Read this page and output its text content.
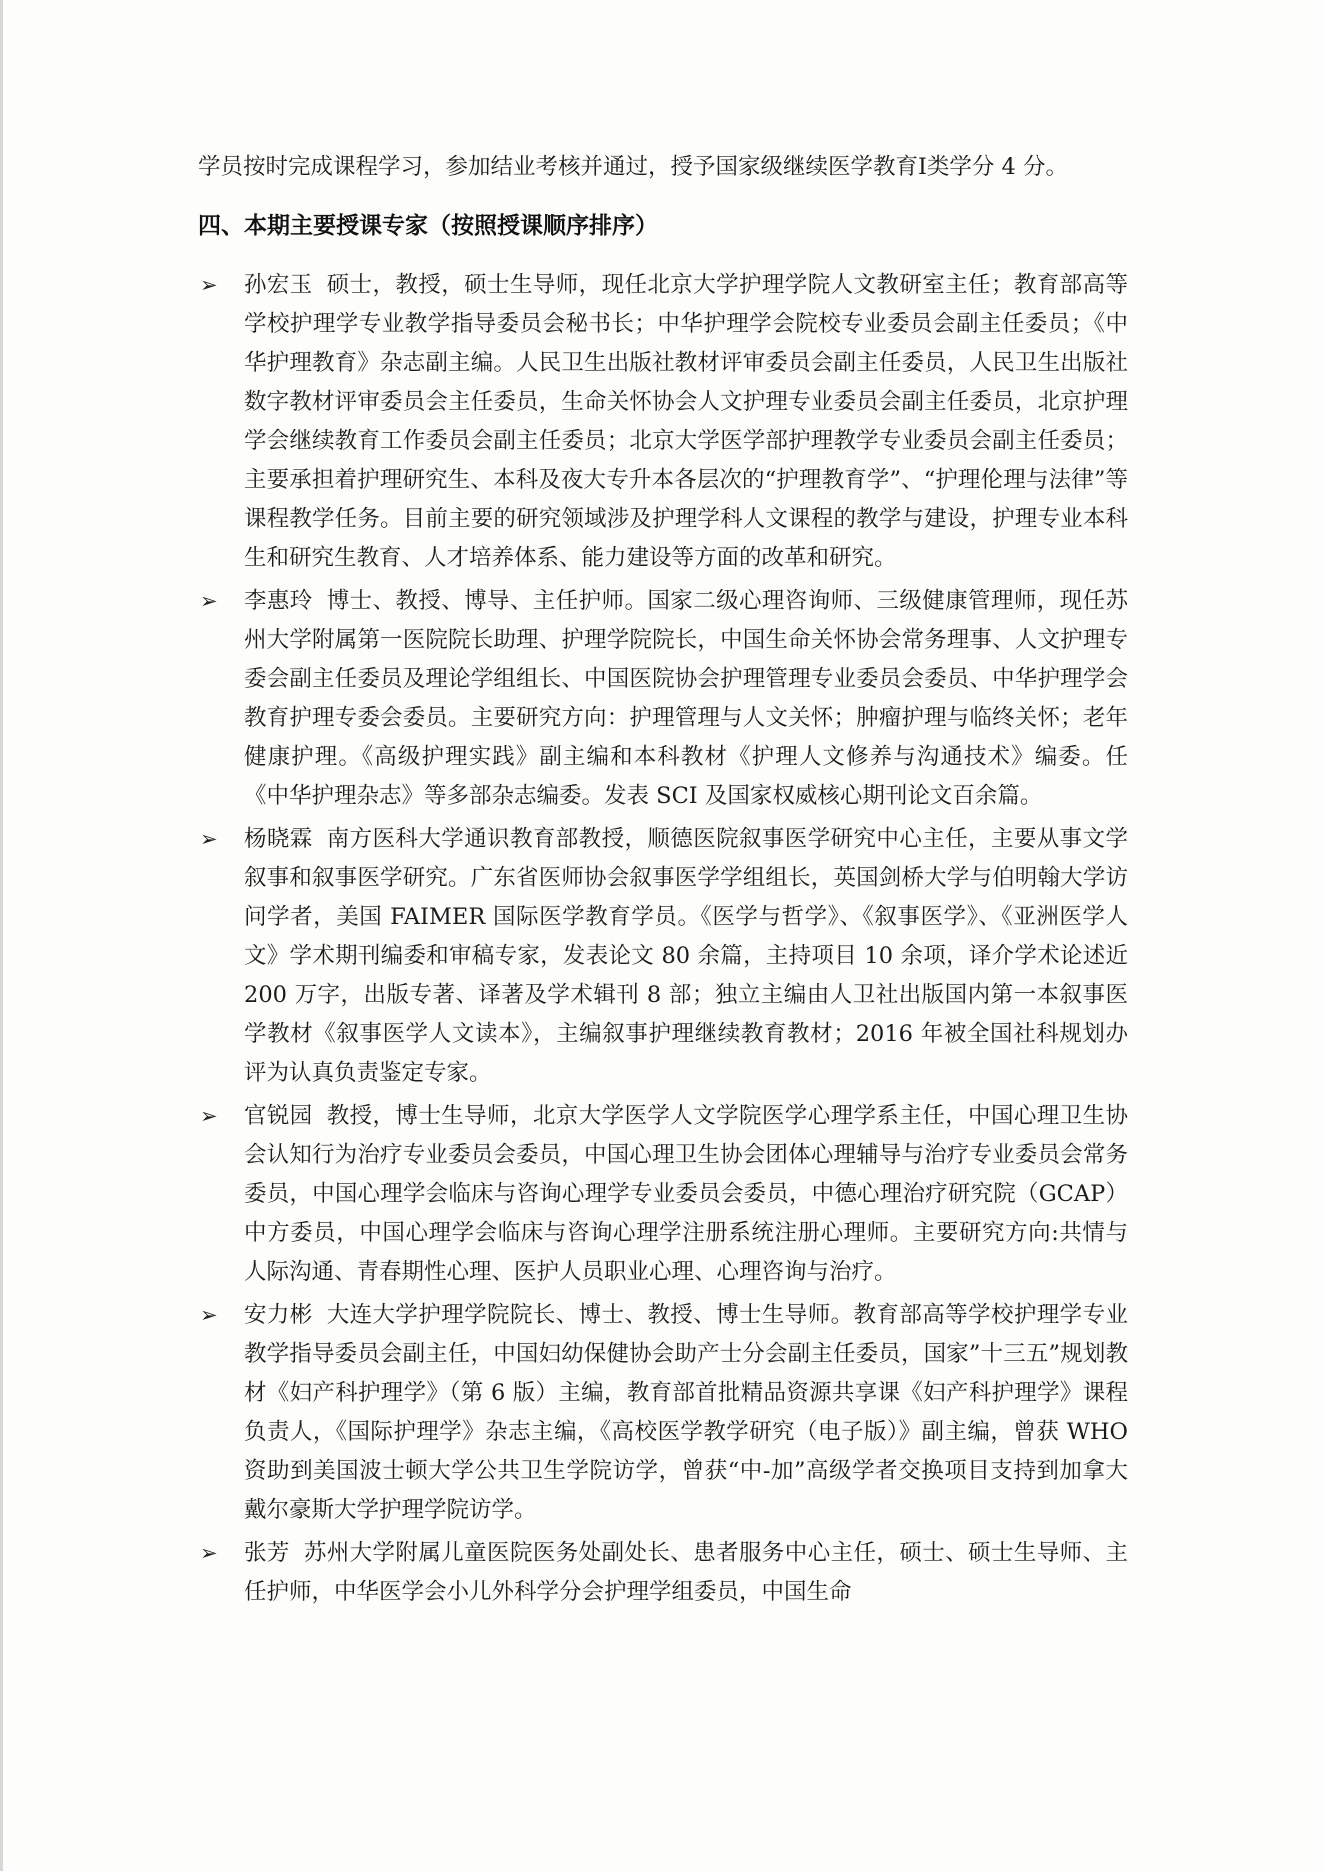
学员按时完成课程学习，参加结业考核并通过，授予国家级继续医学教育Ⅰ类学分 4 分。

四、本期主要授课专家（按照授课顺序排序）
➢ 孙宏玉 硕士，教授，硕士生导师，现任北京大学护理学院人文教研室主任；教育部高等学校护理学专业教学指导委员会秘书长；中华护理学会院校专业委员会副主任委员；《中华护理教育》杂志副主编。人民卫生出版社教材评审委员会副主任委员，人民卫生出版社数字教材评审委员会主任委员，生命关怀协会人文护理专业委员会副主任委员，北京护理学会继续教育工作委员会副主任委员；北京大学医学部护理教学专业委员会副主任委员；主要承担着护理研究生、本科及夜大专升本各层次的“护理教育学”、“护理伦理与法律”等课程教学任务。目前主要的研究领域涉及护理学科人文课程的教学与建设，护理专业本科生和研究生教育、人才培养体系、能力建设等方面的改革和研究。
➢ 李惠玲 博士、教授、博导、主任护师。国家二级心理咨询师、三级健康管理师，现任苏州大学附属第一医院院长助理、护理学院院长，中国生命关怀协会常务理事、人文护理专委会副主任委员及理论学组组长、中国医院协会护理管理专业委员会委员、中华护理学会教育护理专委会委员。主要研究方向：护理管理与人文关怀；肿瘤护理与临终关怀；老年健康护理。《高级护理实践》副主编和本科教材《护理人文修养与沟通技术》编委。任《中华护理杂志》等多部杂志编委。发表 SCI 及国家权威核心期刊论文百余篇。
➢ 杨晓霖 南方医科大学通识教育部教授，顺德医院叙事医学研究中心主任，主要从事文学叙事和叙事医学研究。广东省医师协会叙事医学学组组长，英国剑桥大学与伯明翰大学访问学者，美国 FAIMER 国际医学教育学员。《医学与哲学》、《叙事医学》、《亚洲医学人文》学术期刊编委和审稿专家，发表论文 80 余篇，主持项目 10 余项，译介学术论述近 200 万字，出版专著、译著及学术辑刊 8 部；独立主编由人卫社出版国内第一本叙事医学教材《叙事医学人文读本》，主编叙事护理继续教育教材；2016 年被全国社科规划办评为认真负责鉴定专家。
➢ 官锐园 教授，博士生导师，北京大学医学人文学院医学心理学系主任，中国心理卫生协会认知行为治疗专业委员会委员，中国心理卫生协会团体心理辅导与治疗专业委员会常务委员，中国心理学会临床与咨询心理学专业委员会委员，中德心理治疗研究院（GCAP）中方委员，中国心理学会临床与咨询心理学注册系统注册心理师。主要研究方向:共情与人际沟通、青春期性心理、医护人员职业心理、心理咨询与治疗。
➢ 安力彬 大连大学护理学院院长、博士、教授、博士生导师。教育部高等学校护理学专业教学指导委员会副主任，中国妇幼保健协会助产士分会副主任委员，国家”十三五”规划教材《妇产科护理学》（第 6 版）主编，教育部首批精品资源共享课《妇产科护理学》课程负责人，《国际护理学》杂志主编，《高校医学教学研究（电子版）》副主编，曾获 WHO 资助到美国波士顿大学公共卫生学院访学，曾获“中-加”高级学者交换项目支持到加拿大戴尔豪斯大学护理学院访学。
➢ 张芳 苏州大学附属儿童医院医务处副处长、患者服务中心主任，硕士、硕士生导师、主任护师，中华医学会小儿外科学分会护理学组委员，中国生命
